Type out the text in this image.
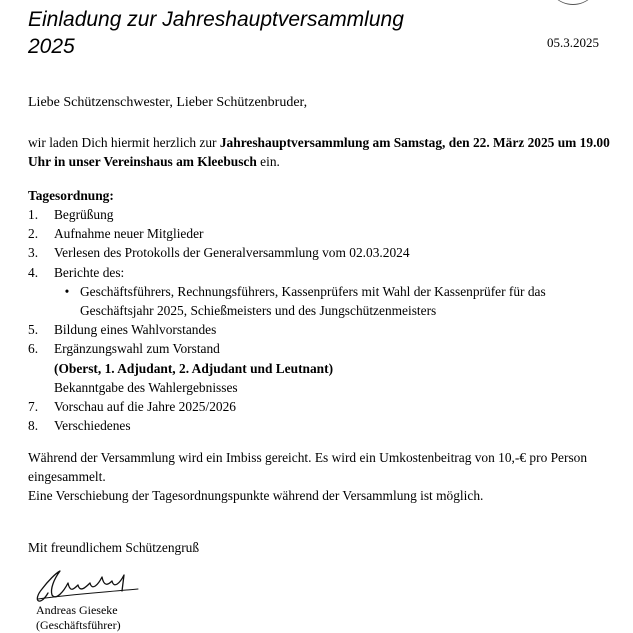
Einladung zur Jahreshauptversammlung
2025	05.3.2025
Liebe Schützenschwester, Lieber Schützenbruder,
wir laden Dich hiermit herzlich zur Jahreshauptversammlung am Samstag, den 22. März 2025 um 19.00 Uhr in unser Vereinshaus am Kleebusch ein.
Tagesordnung:
1.	Begrüßung
2.	Aufnahme neuer Mitglieder
3.	Verlesen des Protokolls der Generalversammlung vom 02.03.2024
4.	Berichte des:
• Geschäftsführers, Rechnungsführers, Kassenprüfers mit Wahl der Kassenprüfer für das Geschäftsjahr 2025, Schießmeisters und des Jungschützenmeisters
5.	Bildung eines Wahlvorstandes
6.	Ergänzungswahl zum Vorstand
(Oberst, 1. Adjudant, 2. Adjudant und Leutnant)
Bekanntgabe des Wahlergebnisses
7.	Vorschau auf die Jahre 2025/2026
8.	Verschiedenes

Während der Versammlung wird ein Imbiss gereicht. Es wird ein Umkostenbeitrag von 10,-€ pro Person eingesammelt.

Eine Verschiebung der Tagesordnungspunkte während der Versammlung ist möglich.

Mit freundlichem Schützengruß
Andreas Gieseke
(Geschäftsführer)
